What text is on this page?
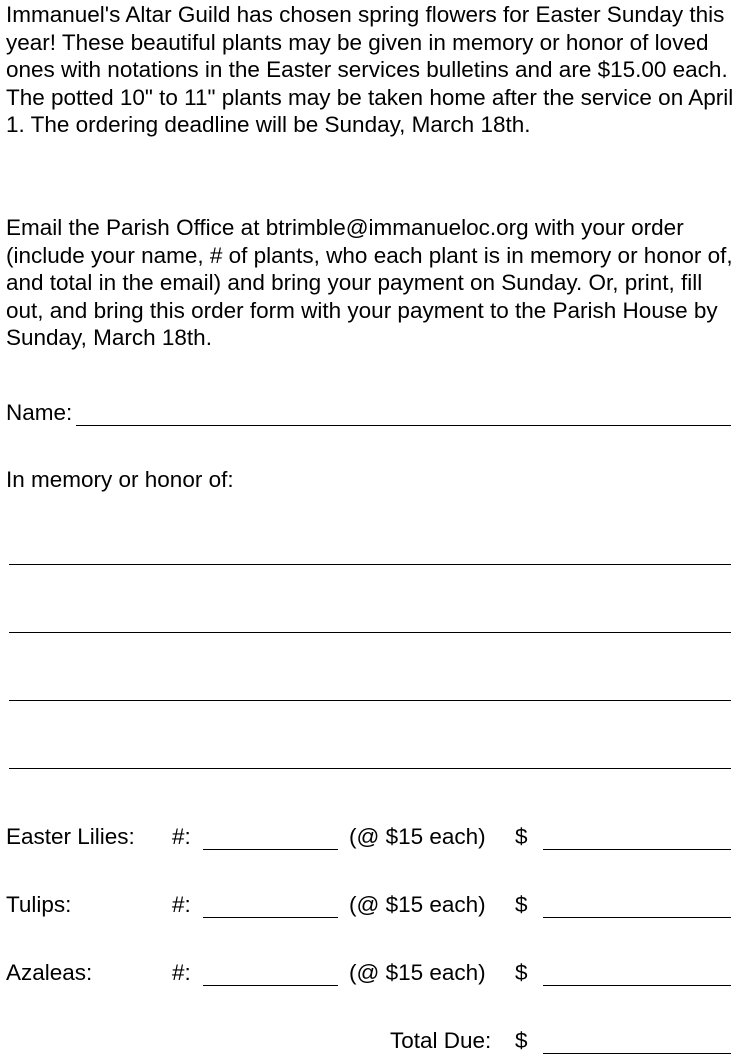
Immanuel's Altar Guild has chosen spring flowers for Easter Sunday this year! These beautiful plants may be given in memory or honor of loved ones with notations in the Easter services bulletins and are $15.00 each. The potted 10" to 11" plants may be taken home after the service on April 1. The ordering deadline will be Sunday, March 18th.

Email the Parish Office at btrimble@immanueloc.org with your order (include your name, # of plants, who each plant is in memory or honor of, and total in the email) and bring your payment on Sunday. Or, print, fill out, and bring this order form with your payment to the Parish House by Sunday, March 18th.

Name:
In memory or honor of:
Easter Lilies: #:	(@ $15 each) $
Tulips:	#:	(@ $15 each) $
Azaleas:	#:	(@ $15 each) $
Total Due: $
